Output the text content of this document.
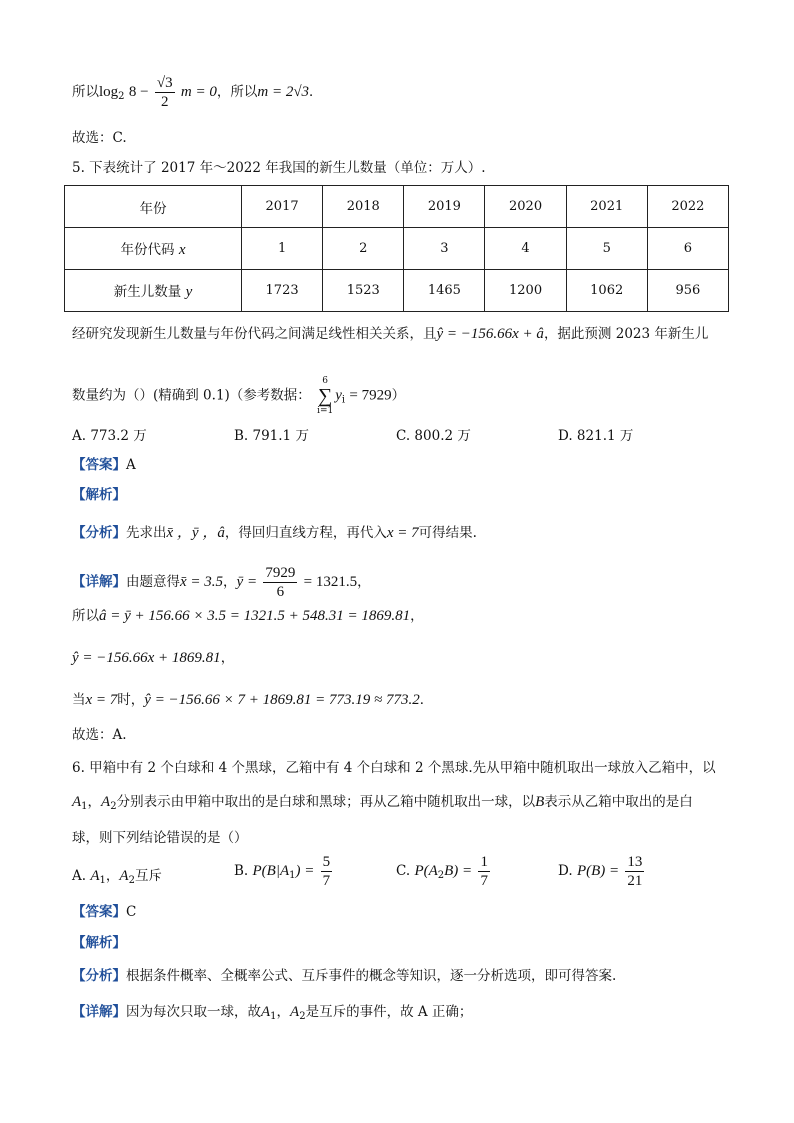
所以$\log_2 8 - \frac{√3}{2}$ m = 0，所以m = 2√3．
故选：C.
5. 下表统计了 2017 年～2022 年我国的新生儿数量（单位：万人）.
年份	2017	2018	2019	2020	2021	2022
年份代码 x	1	2	3	4	5	6
新生儿数量 y	1723	1523	1465	1200	1062	956
经研究发现新生儿数量与年份代码之间满足线性相关关系，且ŷ = −156.66x + â，据此预测 2023 年新生儿
数量约为（）(精确到 0.1)（参考数据：
6
∑
i=1
$y_i = 7929$）
A. 773.2 万	B. 791.1 万	C. 800.2 万	D. 821.1 万
【答案】A
【解析】
【分析】先求出x̄ ，ȳ ，â，得回归直线方程，再代入x = 7可得结果.
【详解】由题意得x̄ = 3.5，ȳ = $\frac{7929}{6} = 1321.5$，
所以â = ȳ + 156.66 × 3.5 = 1321.5 + 548.31 = 1869.81，
ŷ = −156.66x + 1869.81，
当x = 7时，ŷ = −156.66 × 7 + 1869.81 = 773.19 ≈ 773.2．
故选：A.
6. 甲箱中有 2 个白球和 4 个黑球，乙箱中有 4 个白球和 2 个黑球.先从甲箱中随机取出一球放入乙箱中，以
$A_1$，$A_2$分别表示由甲箱中取出的是白球和黑球；再从乙箱中随机取出一球，以B表示从乙箱中取出的是白
球，则下列结论错误的是（）
A. $A_1$，$A_2$互斥	B. $P(B|A_1) = \frac{5}{7}$	C. $P(A_2B) = \frac{1}{7}$	D. $P(B) = \frac{13}{21}$
【答案】C
【解析】
【分析】根据条件概率、全概率公式、互斥事件的概念等知识，逐一分析选项，即可得答案.
【详解】因为每次只取一球，故$A_1$，$A_2$是互斥的事件，故 A 正确；
